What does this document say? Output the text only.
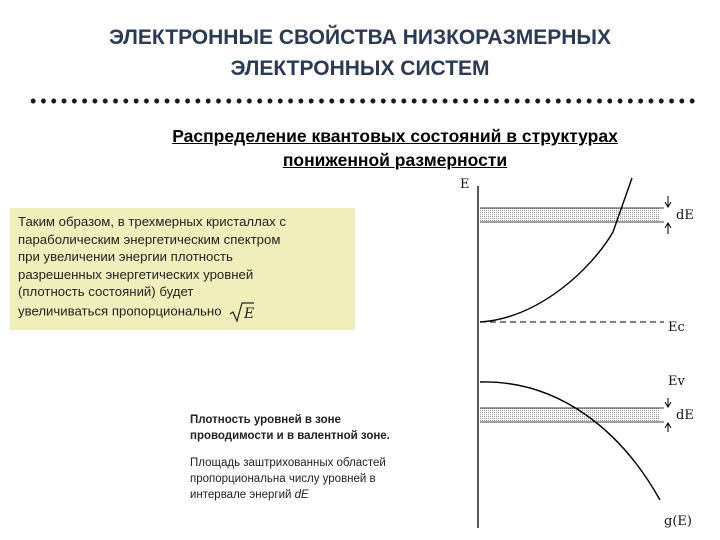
ЭЛЕКТРОННЫЕ СВОЙСТВА НИЗКОРАЗМЕРНЫХ
ЭЛЕКТРОННЫХ СИСТЕМ
Распределение квантовых состояний в структурах
пониженной размерности
Таким образом, в трехмерных кристаллах с
параболическим энергетическим спектром
при увеличении энергии плотность
разрешенных энергетических уровней
(плотность состояний) будет
увеличиваться пропорционально E
Плотность уровней в зоне
проводимости и в валентной зоне.
Площадь заштрихованных областей
пропорциональна числу уровней в
интервале энергий dE
E
dE
Ec
Ev
dE
g(E)
